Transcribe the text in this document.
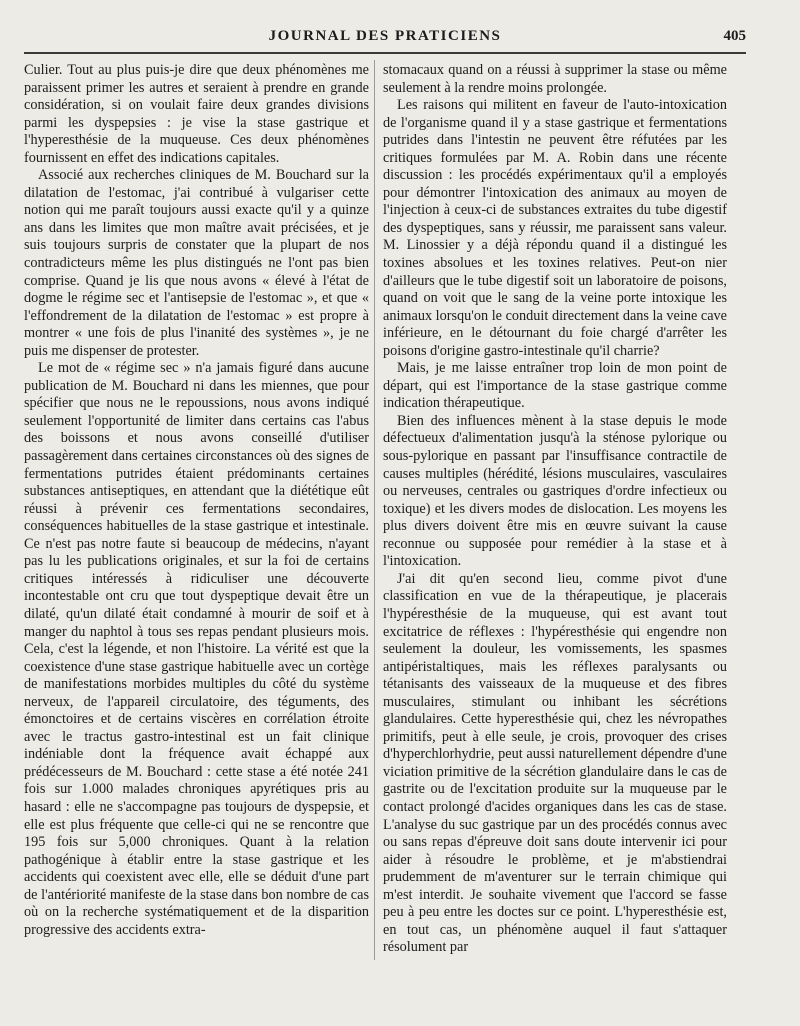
JOURNAL DES PRATICIENS	405

Culier. Tout au plus puis-je dire que deux phénomènes me paraissent primer les autres et seraient à prendre en grande considération, si on voulait faire deux grandes divisions parmi les dyspepsies : je vise la stase gastrique et l'hyperesthésie de la muqueuse. Ces deux phénomènes fournissent en effet des indications capitales.

Associé aux recherches cliniques de M. Bouchard sur la dilatation de l'estomac, j'ai contribué à vulgariser cette notion qui me paraît toujours aussi exacte qu'il y a quinze ans dans les limites que mon maître avait précisées, et je suis toujours surpris de constater que la plupart de nos contradicteurs même les plus distingués ne l'ont pas bien comprise. Quand je lis que nous avons « élevé à l'état de dogme le régime sec et l'antisepsie de l'estomac », et que « l'effondrement de la dilatation de l'estomac » est propre à montrer « une fois de plus l'inanité des systèmes », je ne puis me dispenser de protester.

Le mot de « régime sec » n'a jamais figuré dans aucune publication de M. Bouchard ni dans les miennes, que pour spécifier que nous ne le repoussions, nous avons indiqué seulement l'opportunité de limiter dans certains cas l'abus des boissons et nous avons conseillé d'utiliser passagèrement dans certaines circonstances où des signes de fermentations putrides étaient prédominants certaines substances antiseptiques, en attendant que la diététique eût réussi à prévenir ces fermentations secondaires, conséquences habituelles de la stase gastrique et intestinale. Ce n'est pas notre faute si beaucoup de médecins, n'ayant pas lu les publications originales, et sur la foi de certains critiques intéressés à ridiculiser une découverte incontestable ont cru que tout dyspeptique devait être un dilaté, qu'un dilaté était condamné à mourir de soif et à manger du naphtol à tous ses repas pendant plusieurs mois. Cela, c'est la légende, et non l'histoire. La vérité est que la coexistence d'une stase gastrique habituelle avec un cortège de manifestations morbides multiples du côté du système nerveux, de l'appareil circulatoire, des téguments, des émonctoires et de certains viscères en corrélation étroite avec le tractus gastro-intestinal est un fait clinique indéniable dont la fréquence avait échappé aux prédécesseurs de M. Bouchard : cette stase a été notée 241 fois sur 1.000 malades chroniques apyrétiques pris au hasard : elle ne s'accompagne pas toujours de dyspepsie, et elle est plus fréquente que celle-ci qui ne se rencontre que 195 fois sur 5,000 chroniques. Quant à la relation pathogénique à établir entre la stase gastrique et les accidents qui coexistent avec elle, elle se déduit d'une part de l'antériorité manifeste de la stase dans bon nombre de cas où on la recherche systématiquement et de la disparition progressive des accidents extra-

stomacaux quand on a réussi à supprimer la stase ou même seulement à la rendre moins prolongée.

Les raisons qui militent en faveur de l'auto-intoxication de l'organisme quand il y a stase gastrique et fermentations putrides dans l'intestin ne peuvent être réfutées par les critiques formulées par M. A. Robin dans une récente discussion : les procédés expérimentaux qu'il a employés pour démontrer l'intoxication des animaux au moyen de l'injection à ceux-ci de substances extraites du tube digestif des dyspeptiques, sans y réussir, me paraissent sans valeur. M. Linossier y a déjà répondu quand il a distingué les toxines absolues et les toxines relatives. Peut-on nier d'ailleurs que le tube digestif soit un laboratoire de poisons, quand on voit que le sang de la veine porte intoxique les animaux lorsqu'on le conduit directement dans la veine cave inférieure, en le détournant du foie chargé d'arrêter les poisons d'origine gastro-intestinale qu'il charrie?

Mais, je me laisse entraîner trop loin de mon point de départ, qui est l'importance de la stase gastrique comme indication thérapeutique.

Bien des influences mènent à la stase depuis le mode défectueux d'alimentation jusqu'à la sténose pylorique ou sous-pylorique en passant par l'insuffisance contractile de causes multiples (hérédité, lésions musculaires, vasculaires ou nerveuses, centrales ou gastriques d'ordre infectieux ou toxique) et les divers modes de dislocation. Les moyens les plus divers doivent être mis en œuvre suivant la cause reconnue ou supposée pour remédier à la stase et à l'intoxication.

J'ai dit qu'en second lieu, comme pivot d'une classification en vue de la thérapeutique, je placerais l'hypéresthésie de la muqueuse, qui est avant tout excitatrice de réflexes : l'hypéresthésie qui engendre non seulement la douleur, les vomissements, les spasmes antipéristaltiques, mais les réflexes paralysants ou tétanisants des vaisseaux de la muqueuse et des fibres musculaires, stimulant ou inhibant les sécrétions glandulaires. Cette hyperesthésie qui, chez les névropathes primitifs, peut à elle seule, je crois, provoquer des crises d'hyperchlorhydrie, peut aussi naturellement dépendre d'une viciation primitive de la sécrétion glandulaire dans le cas de gastrite ou de l'excitation produite sur la muqueuse par le contact prolongé d'acides organiques dans les cas de stase. L'analyse du suc gastrique par un des procédés connus avec ou sans repas d'épreuve doit sans doute intervenir ici pour aider à résoudre le problème, et je m'abstiendrai prudemment de m'aventurer sur le terrain chimique qui m'est interdit. Je souhaite vivement que l'accord se fasse peu à peu entre les doctes sur ce point. L'hyperesthésie est, en tout cas, un phénomène auquel il faut s'attaquer résolument par
